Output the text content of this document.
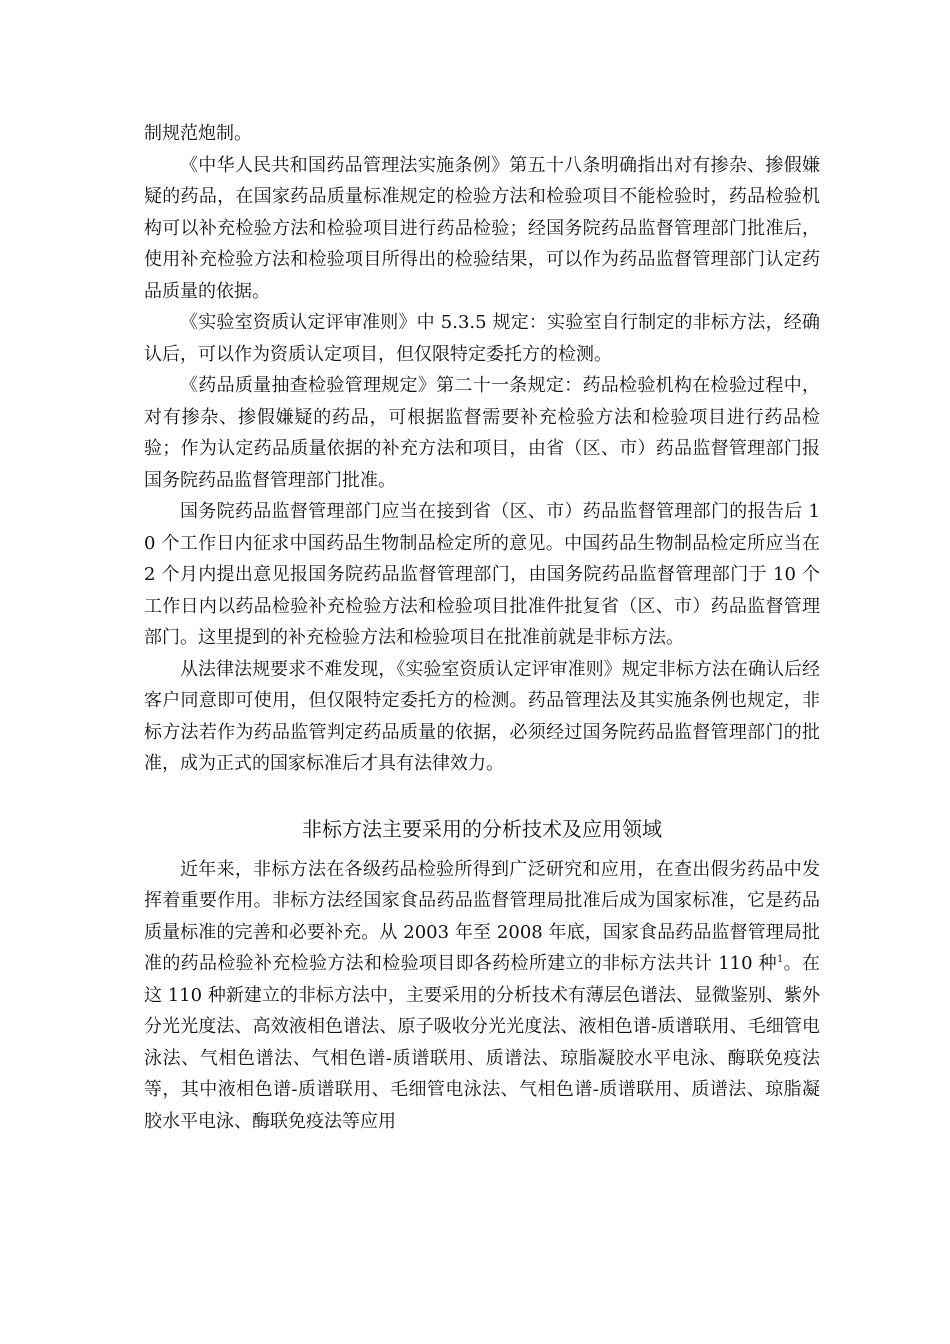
制规范炮制。

《中华人民共和国药品管理法实施条例》第五十八条明确指出对有掺杂、掺假嫌疑的药品，在国家药品质量标准规定的检验方法和检验项目不能检验时，药品检验机构可以补充检验方法和检验项目进行药品检验；经国务院药品监督管理部门批准后，使用补充检验方法和检验项目所得出的检验结果，可以作为药品监督管理部门认定药品质量的依据。

《实验室资质认定评审准则》中 5.3.5 规定：实验室自行制定的非标方法，经确认后，可以作为资质认定项目，但仅限特定委托方的检测。

《药品质量抽查检验管理规定》第二十一条规定：药品检验机构在检验过程中，对有掺杂、掺假嫌疑的药品，可根据监督需要补充检验方法和检验项目进行药品检验；作为认定药品质量依据的补充方法和项目，由省（区、市）药品监督管理部门报国务院药品监督管理部门批准。

国务院药品监督管理部门应当在接到省（区、市）药品监督管理部门的报告后 10 个工作日内征求中国药品生物制品检定所的意见。中国药品生物制品检定所应当在 2 个月内提出意见报国务院药品监督管理部门，由国务院药品监督管理部门于 10 个工作日内以药品检验补充检验方法和检验项目批准件批复省（区、市）药品监督管理部门。这里提到的补充检验方法和检验项目在批准前就是非标方法。

从法律法规要求不难发现，《实验室资质认定评审准则》规定非标方法在确认后经客户同意即可使用，但仅限特定委托方的检测。药品管理法及其实施条例也规定，非标方法若作为药品监管判定药品质量的依据，必须经过国务院药品监督管理部门的批准，成为正式的国家标准后才具有法律效力。

非标方法主要采用的分析技术及应用领域

近年来，非标方法在各级药品检验所得到广泛研究和应用，在查出假劣药品中发挥着重要作用。非标方法经国家食品药品监督管理局批准后成为国家标准，它是药品质量标准的完善和必要补充。从 2003 年至 2008 年底，国家食品药品监督管理局批准的药品检验补充检验方法和检验项目即各药检所建立的非标方法共计 110 种$^1$。在这 110 种新建立的非标方法中，主要采用的分析技术有薄层色谱法、显微鉴别、紫外分光光度法、高效液相色谱法、原子吸收分光光度法、液相色谱-质谱联用、毛细管电泳法、气相色谱法、气相色谱-质谱联用、质谱法、琼脂凝胶水平电泳、酶联免疫法等，其中液相色谱-质谱联用、毛细管电泳法、气相色谱-质谱联用、质谱法、琼脂凝胶水平电泳、酶联免疫法等应用
